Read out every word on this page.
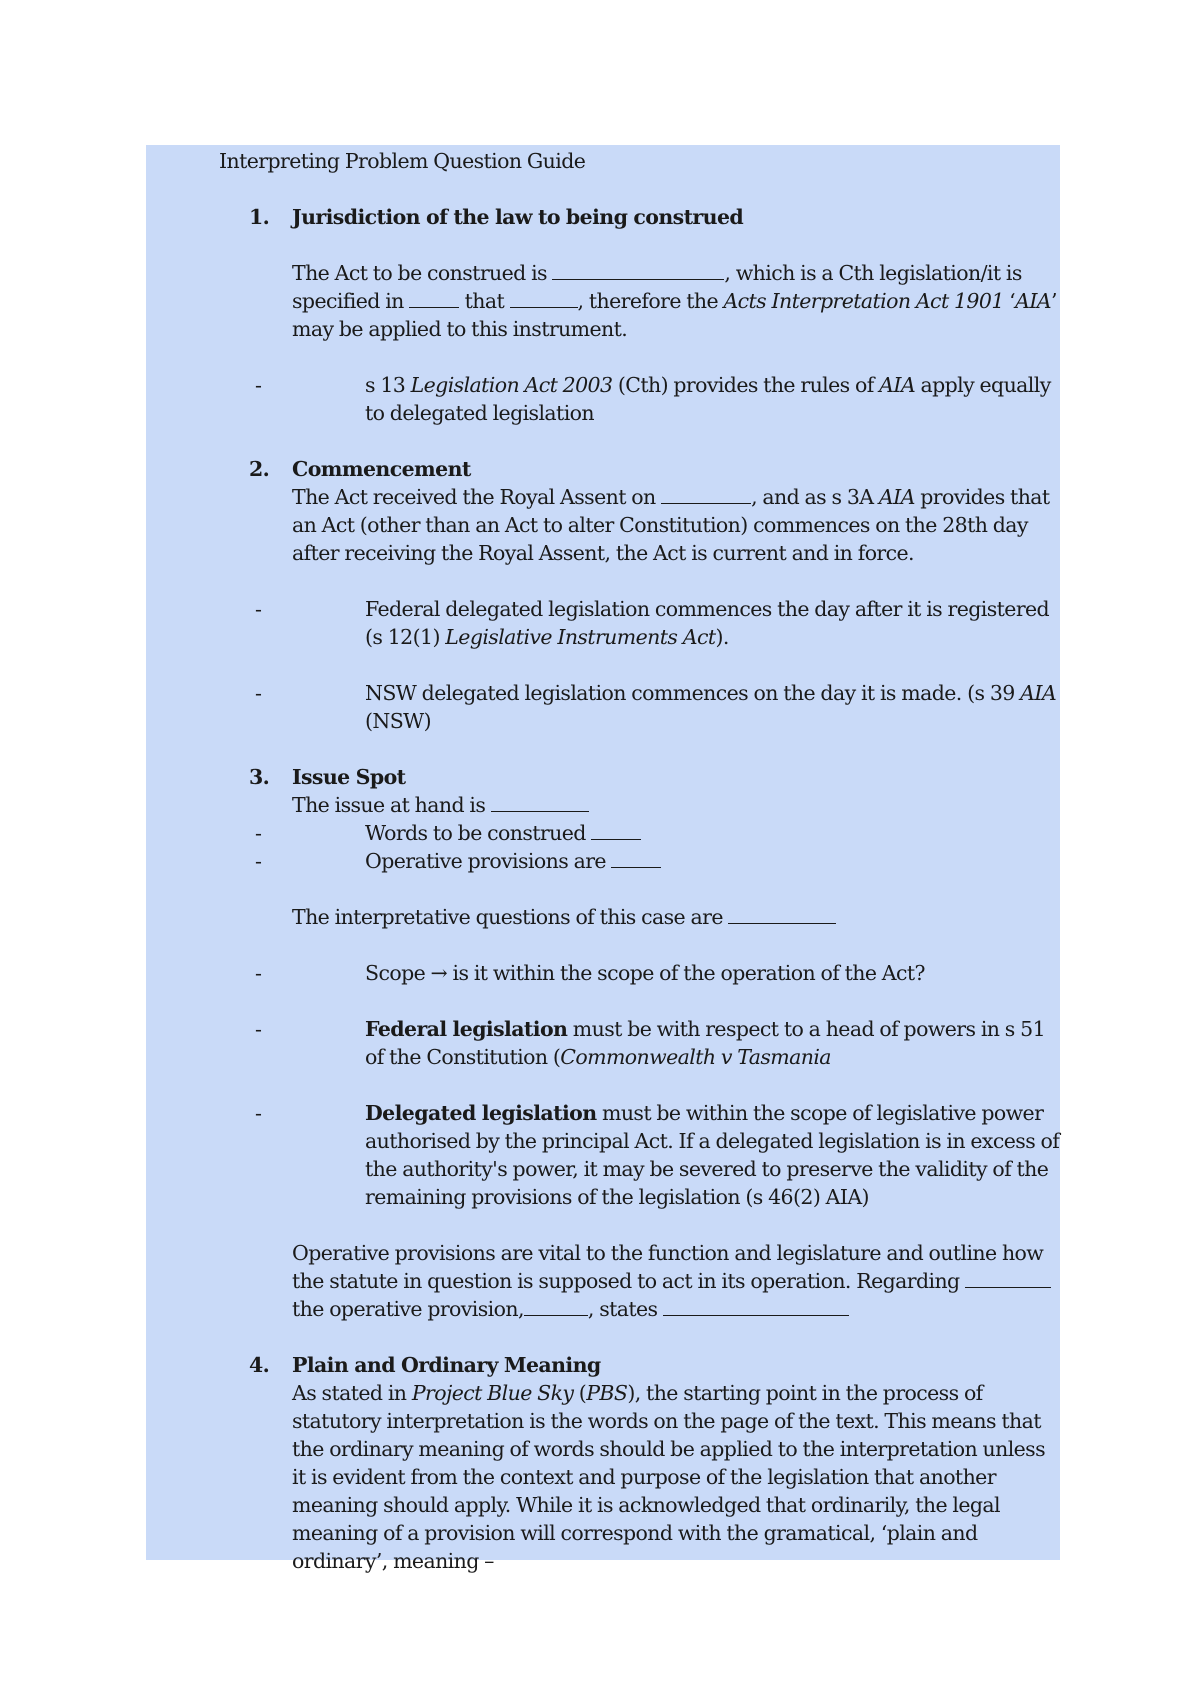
Interpreting Problem Question Guide

1. Jurisdiction of the law to being construed

The Act to be construed is	, which is a Cth legislation/it is specified in  that	, therefore the Acts Interpretation Act 1901 ‘AIA’ may be applied to this instrument.

-	s 13 Legislation Act 2003 (Cth) provides the rules of AIA apply equally to delegated legislation

2. Commencement

The Act received the Royal Assent on	, and as s 3A AIA provides that an Act (other than an Act to alter Constitution) commences on the 28th day after receiving the Royal Assent, the Act is current and in force.

-	Federal delegated legislation commences the day after it is registered (s 12(1) Legislative Instruments Act).

-	NSW delegated legislation commences on the day it is made. (s 39 AIA (NSW)

3. Issue Spot

The issue at hand is

-	Words to be construed

-	Operative provisions are

The interpretative questions of this case are

-	Scope → is it within the scope of the operation of the Act?

-	Federal legislation must be with respect to a head of powers in s 51 of the Constitution (Commonwealth v Tasmania

-	Delegated legislation must be within the scope of legislative power authorised by the principal Act. If a delegated legislation is in excess of the authority's power, it may be severed to preserve the validity of the remaining provisions of the legislation (s 46(2) AIA)

Operative provisions are vital to the function and legislature and outline how the statute in question is supposed to act in its operation. Regarding  the operative provision,	, states

4. Plain and Ordinary Meaning

As stated in Project Blue Sky (PBS), the starting point in the process of statutory interpretation is the words on the page of the text. This means that the ordinary meaning of words should be applied to the interpretation unless it is evident from the context and purpose of the legislation that another meaning should apply. While it is acknowledged that ordinarily, the legal meaning of a provision will correspond with the gramatical, ‘plain and ordinary’, meaning –
